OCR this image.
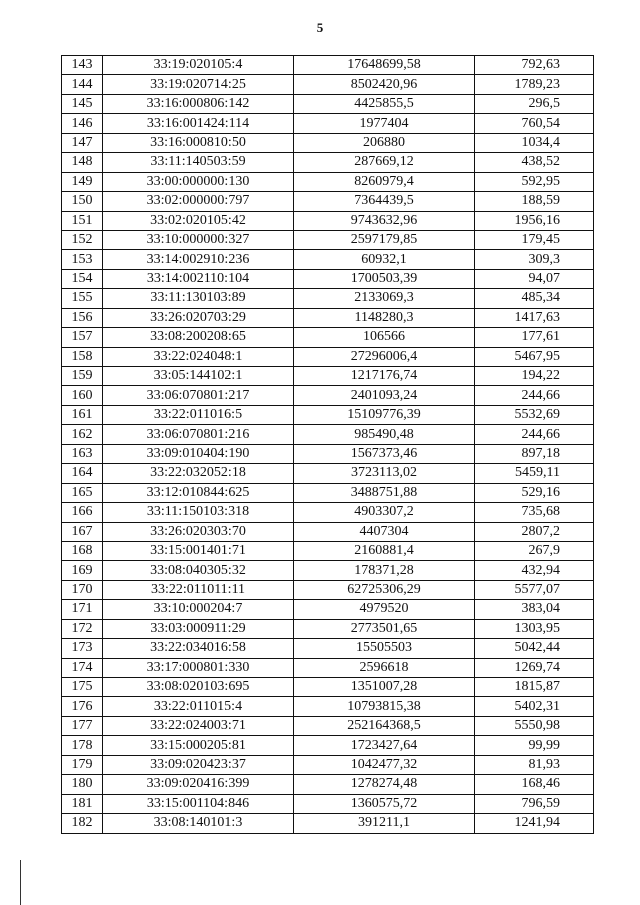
5
143	33:19:020105:4	17648699,58	792,63
144	33:19:020714:25	8502420,96	1789,23
145	33:16:000806:142	4425855,5	296,5
146	33:16:001424:114	1977404	760,54
147	33:16:000810:50	206880	1034,4
148	33:11:140503:59	287669,12	438,52
149	33:00:000000:130	8260979,4	592,95
150	33:02:000000:797	7364439,5	188,59
151	33:02:020105:42	9743632,96	1956,16
152	33:10:000000:327	2597179,85	179,45
153	33:14:002910:236	60932,1	309,3
154	33:14:002110:104	1700503,39	94,07
155	33:11:130103:89	2133069,3	485,34
156	33:26:020703:29	1148280,3	1417,63
157	33:08:200208:65	106566	177,61
158	33:22:024048:1	27296006,4	5467,95
159	33:05:144102:1	1217176,74	194,22
160	33:06:070801:217	2401093,24	244,66
161	33:22:011016:5	15109776,39	5532,69
162	33:06:070801:216	985490,48	244,66
163	33:09:010404:190	1567373,46	897,18
164	33:22:032052:18	3723113,02	5459,11
165	33:12:010844:625	3488751,88	529,16
166	33:11:150103:318	4903307,2	735,68
167	33:26:020303:70	4407304	2807,2
168	33:15:001401:71	2160881,4	267,9
169	33:08:040305:32	178371,28	432,94
170	33:22:011011:11	62725306,29	5577,07
171	33:10:000204:7	4979520	383,04
172	33:03:000911:29	2773501,65	1303,95
173	33:22:034016:58	15505503	5042,44
174	33:17:000801:330	2596618	1269,74
175	33:08:020103:695	1351007,28	1815,87
176	33:22:011015:4	10793815,38	5402,31
177	33:22:024003:71	252164368,5	5550,98
178	33:15:000205:81	1723427,64	99,99
179	33:09:020423:37	1042477,32	81,93
180	33:09:020416:399	1278274,48	168,46
181	33:15:001104:846	1360575,72	796,59
182	33:08:140101:3	391211,1	1241,94
